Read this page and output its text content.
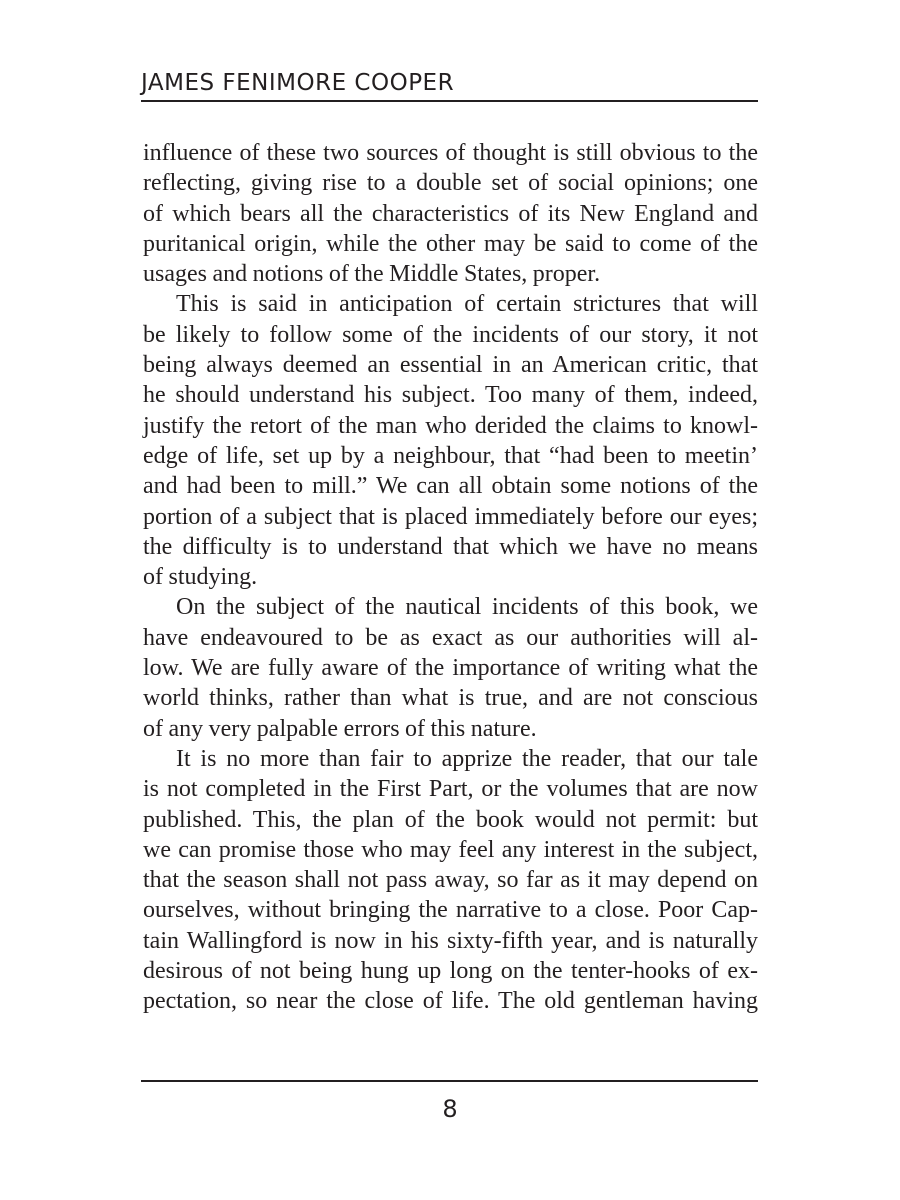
JAMES FENIMORE COOPER
influence of these two sources of thought is still obvious to the
reflecting, giving rise to a double set of social opinions; one
of which bears all the characteristics of its New England and
puritanical origin, while the other may be said to come of the
usages and notions of the Middle States, proper.
This is said in anticipation of certain strictures that will
be likely to follow some of the incidents of our story, it not
being always deemed an essential in an American critic, that
he should understand his subject. Too many of them, indeed,
justify the retort of the man who derided the claims to knowl-
edge of life, set up by a neighbour, that “had been to meetin’
and had been to mill.” We can all obtain some notions of the
portion of a subject that is placed immediately before our eyes;
the difficulty is to understand that which we have no means
of studying.
On the subject of the nautical incidents of this book, we
have endeavoured to be as exact as our authorities will al-
low. We are fully aware of the importance of writing what the
world thinks, rather than what is true, and are not conscious
of any very palpable errors of this nature.
It is no more than fair to apprize the reader, that our tale
is not completed in the First Part, or the volumes that are now
published. This, the plan of the book would not permit: but
we can promise those who may feel any interest in the subject,
that the season shall not pass away, so far as it may depend on
ourselves, without bringing the narrative to a close. Poor Cap-
tain Wallingford is now in his sixty-fifth year, and is naturally
desirous of not being hung up long on the tenter-hooks of ex-
pectation, so near the close of life. The old gentleman having
8
